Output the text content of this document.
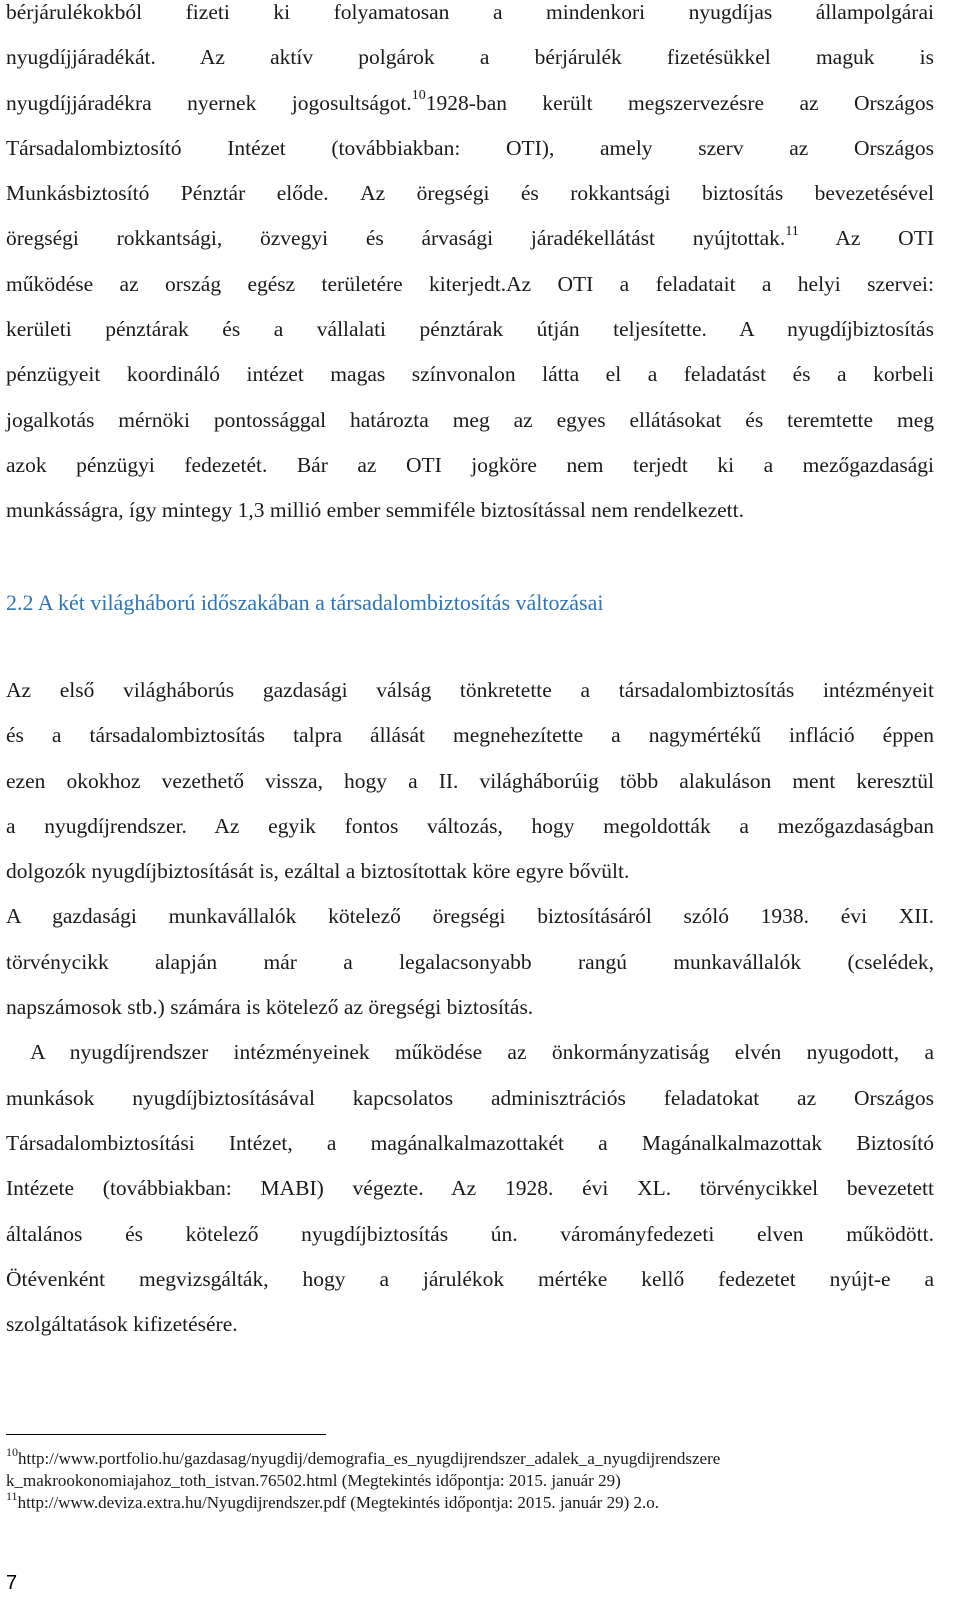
bérjárulékokból fizeti ki folyamatosan a mindenkori nyugdíjas állampolgárai
nyugdíjjáradékát. Az aktív polgárok a bérjárulék fizetésükkel maguk is
nyugdíjjáradékra nyernek jogosultságot.$^{10}$1928-ban került megszervezésre az Országos
Társadalombiztosító Intézet (továbbiakban: OTI), amely szerv az Országos
Munkásbiztosító Pénztár elődе. Az öregségi és rokkantsági biztosítás bevezetésével
öregségi rokkantsági, özvegyi és árvasági járadékellátást nyújtottak.$^{11}$ Az OTI
működése az ország egész területére kiterjedt.Az OTI a feladatait a helyi szervei:
kerületi pénztárak és a vállalati pénztárak útján teljesítette. A nyugdíjbiztosítás
pénzügyeit koordináló intézet magas színvonalon látta el a feladatást és a korbeli
jogalkotás mérnöki pontossággal határozta meg az egyes ellátásokat és teremtette meg
azok pénzügyi fedezetét. Bár az OTI jogköre nem terjedt ki a mezőgazdasági
munkásságra, így mintegy 1,3 millió ember semmiféle biztosítással nem rendelkezett.
2.2 A két világháború időszakában a társadalombiztosítás változásai
Az első világháborús gazdasági válság tönkretette a társadalombiztosítás intézményeit
és a társadalombiztosítás talpra állását megnehezítette a nagymértékű infláció éppen
ezen okokhoz vezethető vissza, hogy a II. világháborúig több alakuláson ment keresztül
a nyugdíjrendszer. Az egyik fontos változás, hogy megoldották a mezőgazdaságban
dolgozók nyugdíjbiztosítását is, ezáltal a biztosítottak köre egyre bővült.
A gazdasági munkavállalók kötelező öregségi biztosításáról szóló 1938. évi XII.
törvénycikk alapján már a legalacsonyabb rangú munkavállalók (cselédek,
napszámosok stb.) számára is kötelező az öregségi biztosítás.
A nyugdíjrendszer intézményeinek működése az önkormányzatiság elvén nyugodott, a
munkások nyugdíjbiztosításával kapcsolatos adminisztrációs feladatokat az Országos
Társadalombiztosítási Intézet, a magánalkalmazottakét a Magánalkalmazottak Biztosító
Intézete (továbbiakban: MABI) végezte. Az 1928. évi XL. törvénycikkel bevezetett
általános és kötelező nyugdíjbiztosítás ún. várományfedezeti elven működött.
Ötévenként megvizsgálták, hogy a járulékok mértéke kellő fedezetet nyújt-e a
szolgáltatások kifizetésére.
$^{10}$http://www.portfolio.hu/gazdasag/nyugdij/demografia_es_nyugdijrendszer_adalek_a_nyugdijrendszere
k_makrookonomiajahoz_toth_istvan.76502.html (Megtekintés időpontja: 2015. január 29)
$^{11}$http://www.deviza.extra.hu/Nyugdijrendszer.pdf (Megtekintés időpontja: 2015. január 29) 2.o.
7
